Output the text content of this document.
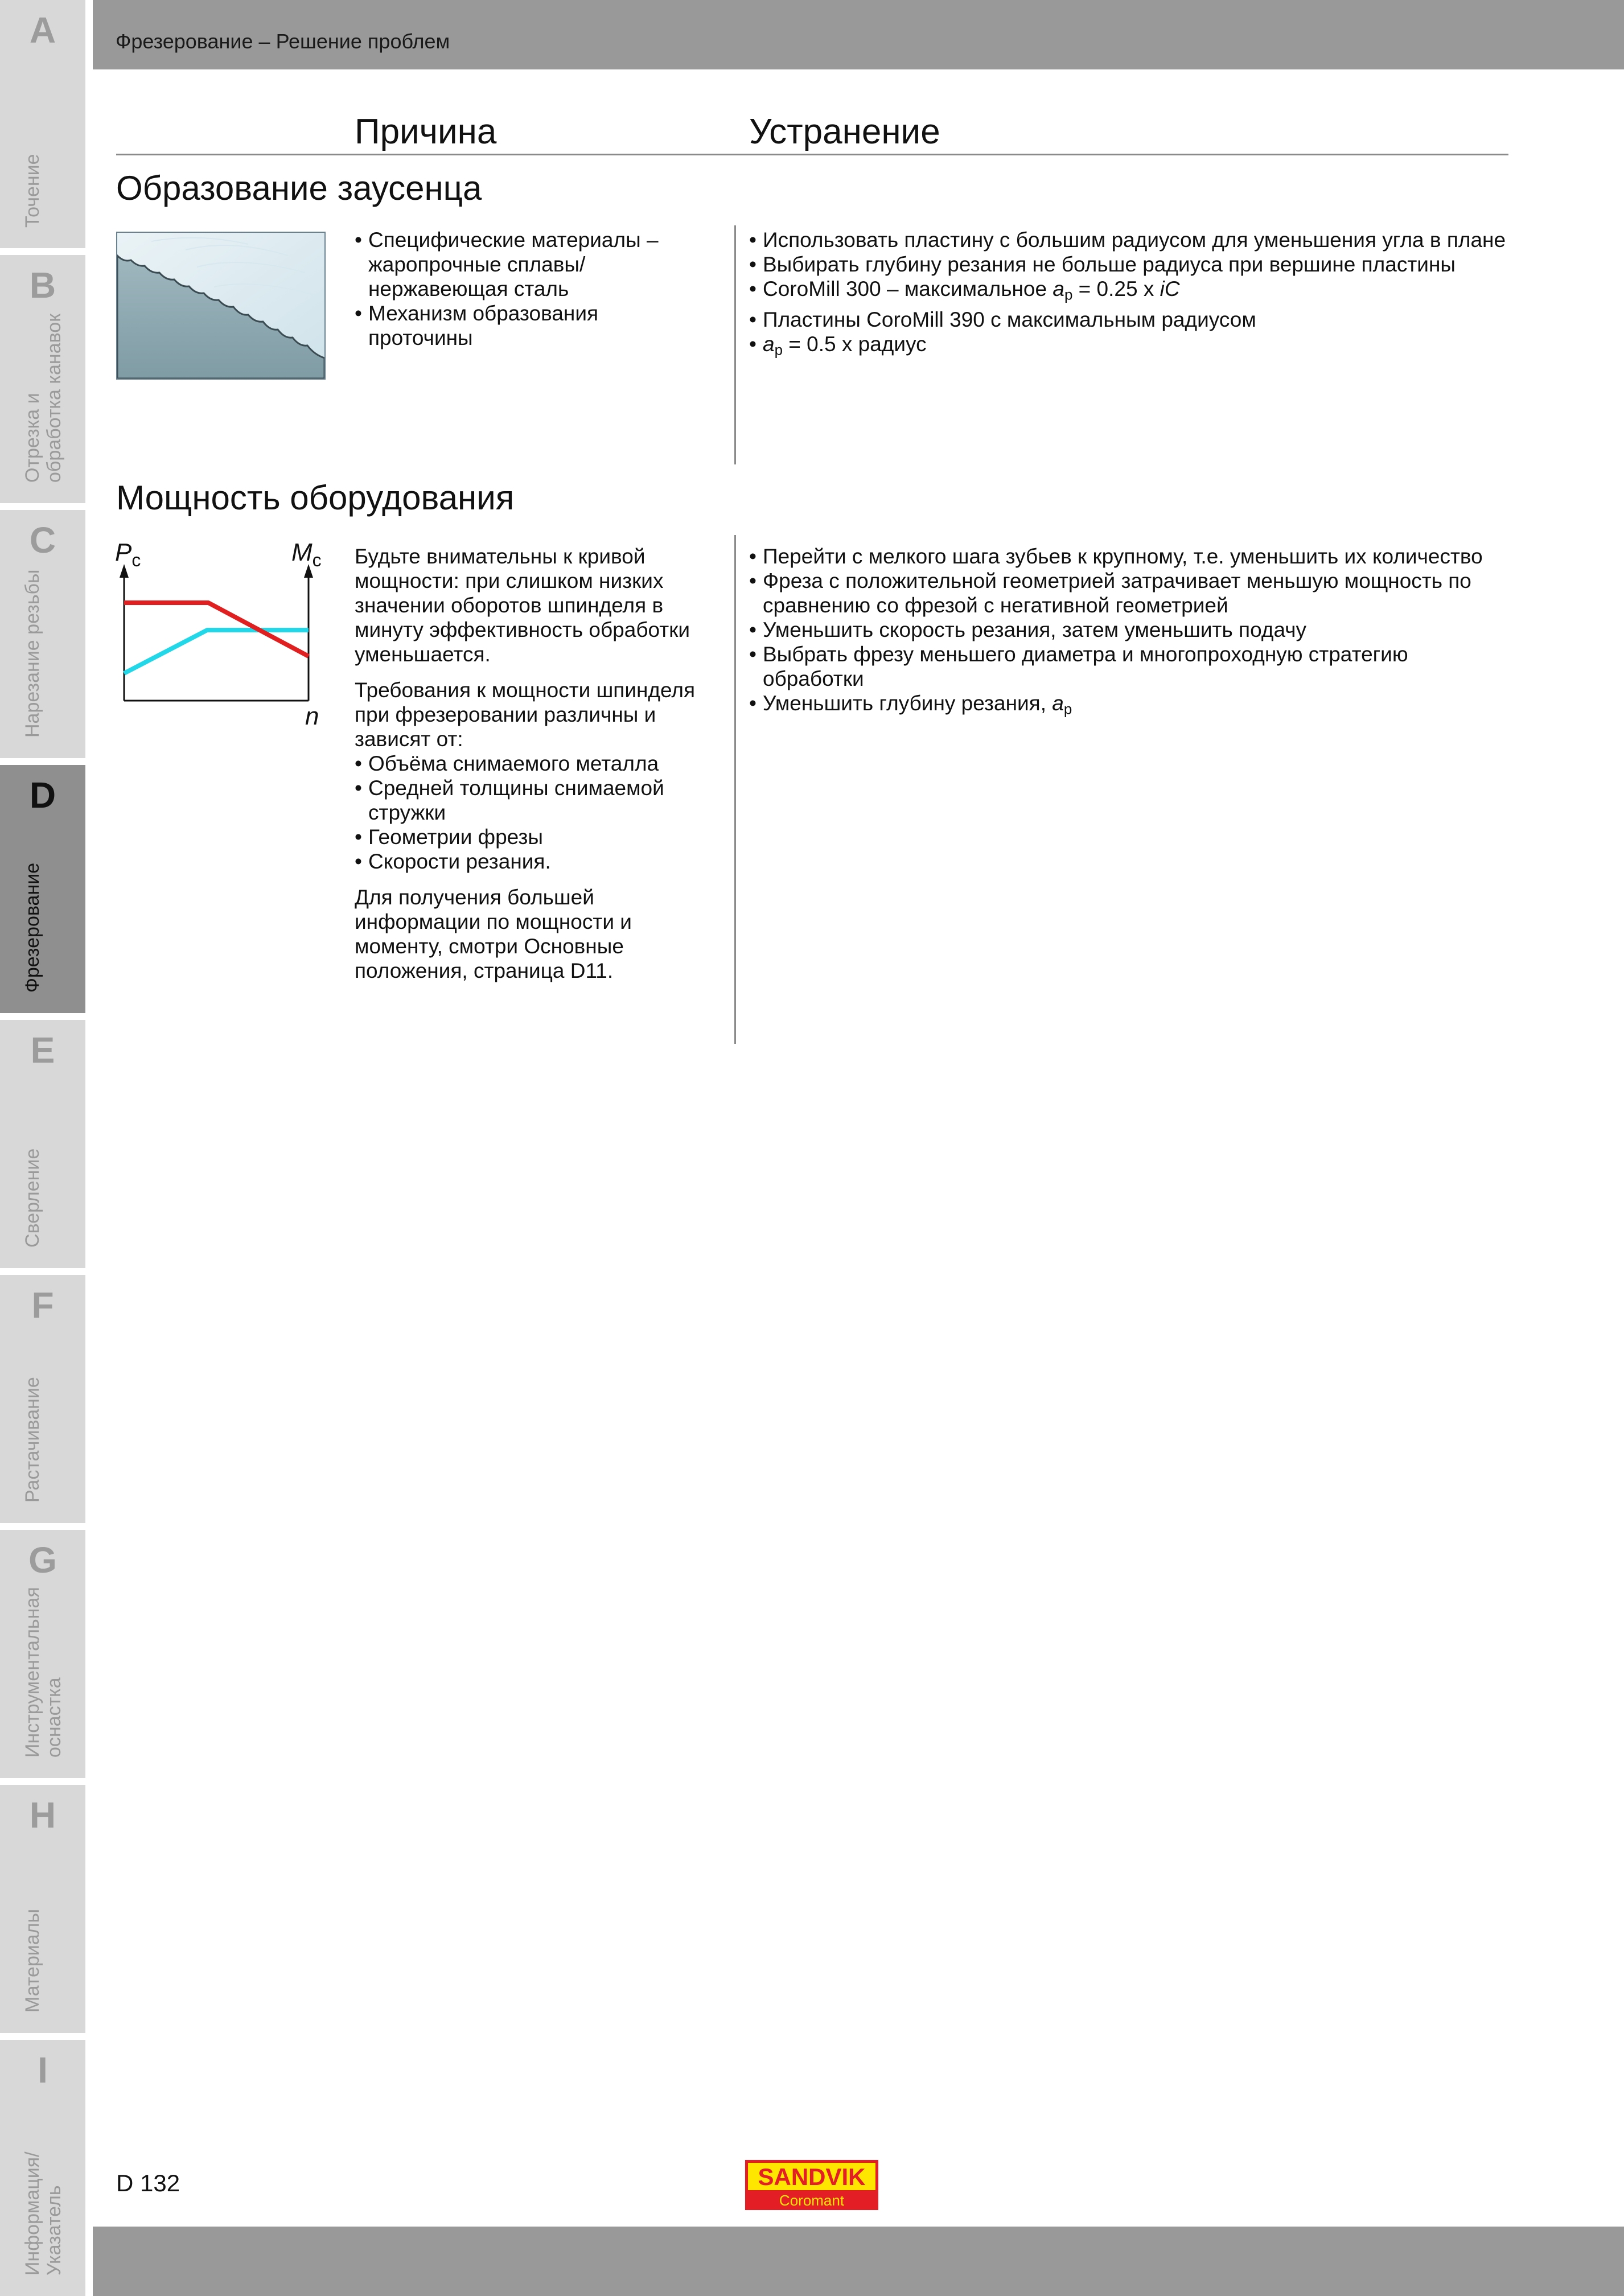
A
Точение
B
Отрезка и обработка канавок
C
Нарезание резьбы
D
Фрезерование
E
Сверление
F
Растачивание
G
Инструментальная оснастка
H
Материалы
I
Информация/ Указатель
Фрезерование – Решение проблем
Причина	Устранение
Образование заусенца
• Специфические материалы – жаропрочные сплавы/ нержавеющая сталь
• Механизм образования проточины
• Использовать пластину с большим радиусом для уменьшения угла в плане
• Выбирать глубину резания не больше радиуса при вершине пластины
• CoroMill 300 – максимальное $a_p = 0.25$ x iC
• Пластины CoroMill 390 с максимальным радиусом
• $a_p = 0.5$ x радиус
Мощность оборудования
$P_c$	$M_c$
n

Будьте внимательны к кривой мощности: при слишком низких значении оборотов шпинделя в минуту эффективность обработки уменьшается.

Требования к мощности шпинделя при фрезеровании различны и зависят от:

• Объёма снимаемого металла
• Средней толщины снимаемой стружки
• Геометрии фрезы
• Скорости резания.

Для получения большей информации по мощности и моменту, смотри Основные положения, страница D11.

• Перейти с мелкого шага зубьев к крупному, т.е. уменьшить их количество
• Фреза с положительной геометрией затрачивает меньшую мощность по сравнению со фрезой с негативной геометрией
• Уменьшить скорость резания, затем уменьшить подачу
• Выбрать фрезу меньшего диаметра и многопроходную стратегию обработки
• Уменьшить глубину резания, $a_p$
D 132	SANDVIK
Coromant
